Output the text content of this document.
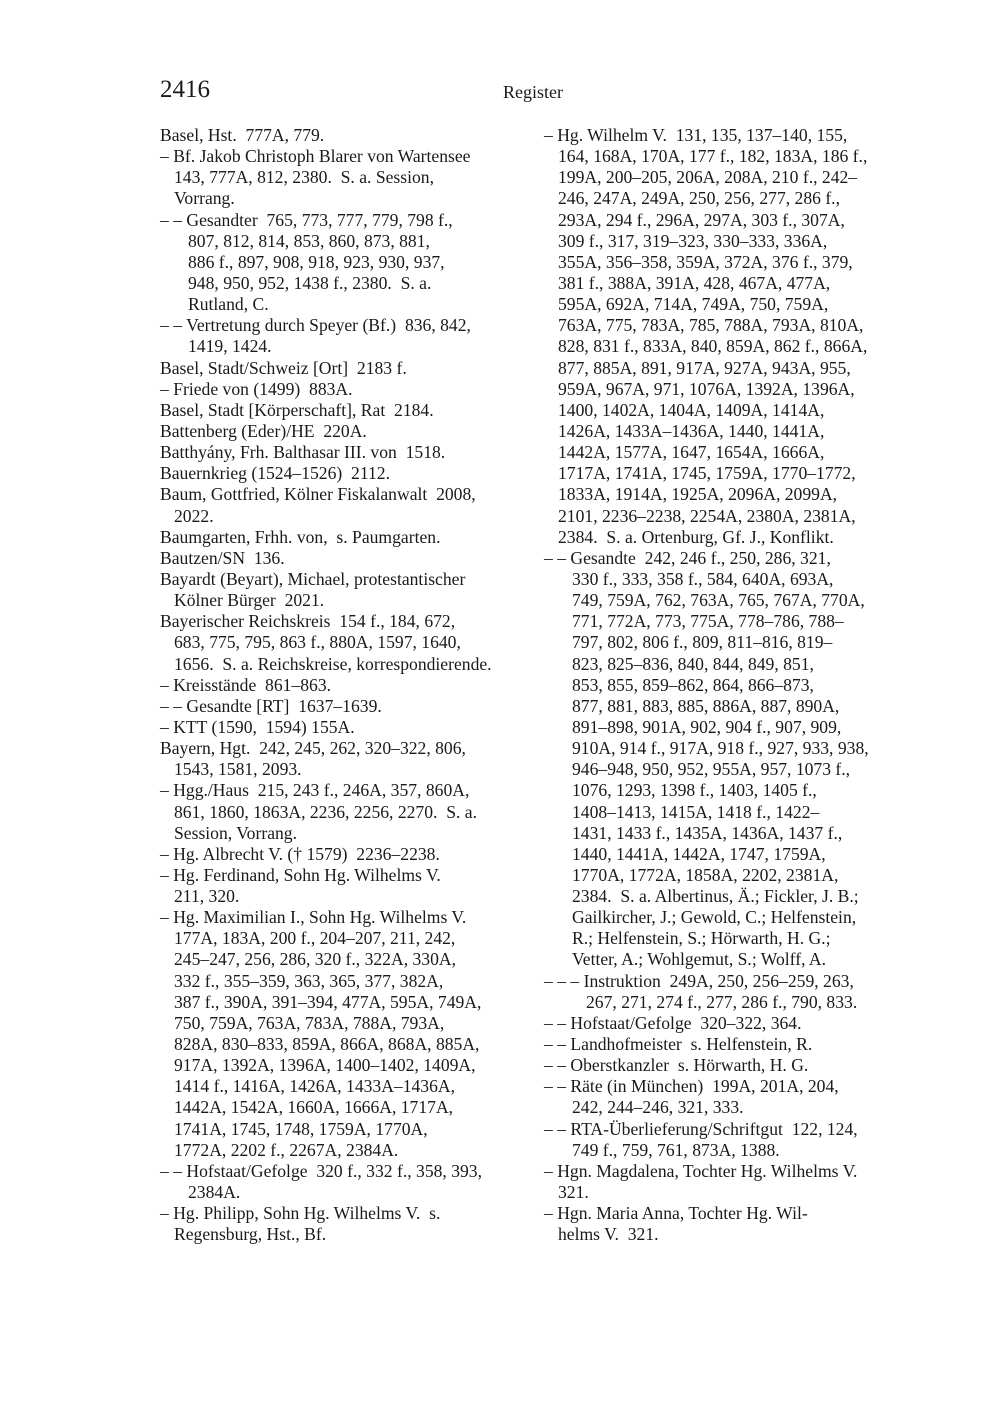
2416	Register
Basel, Hst.  777A, 779.
– Bf. Jakob Christoph Blarer von Wartensee
143, 777A, 812, 2380.  S. a. Session,
Vorrang.
– – Gesandter  765, 773, 777, 779, 798 f.,
807, 812, 814, 853, 860, 873, 881,
886 f., 897, 908, 918, 923, 930, 937,
948, 950, 952, 1438 f., 2380.  S. a.
Rutland, C.
– – Vertretung durch Speyer (Bf.)  836, 842,
1419, 1424.
Basel, Stadt/Schweiz [Ort]  2183 f.
– Friede von (1499)  883A.
Basel, Stadt [Körperschaft], Rat  2184.
Battenberg (Eder)/HE  220A.
Batthyány, Frh. Balthasar III. von  1518.
Bauernkrieg (1524–1526)  2112.
Baum, Gottfried, Kölner Fiskalanwalt  2008,
2022.
Baumgarten, Frhh. von,  s. Paumgarten.
Bautzen/SN  136.
Bayardt (Beyart), Michael, protestantischer
Kölner Bürger  2021.
Bayerischer Reichskreis  154 f., 184, 672,
683, 775, 795, 863 f., 880A, 1597, 1640,
1656.  S. a. Reichskreise, korrespondierende.
– Kreisstände  861–863.
– – Gesandte [RT]  1637–1639.
– KTT (1590,  1594) 155A.
Bayern, Hgt.  242, 245, 262, 320–322, 806,
1543, 1581, 2093.
– Hgg./Haus  215, 243 f., 246A, 357, 860A,
861, 1860, 1863A, 2236, 2256, 2270.  S. a.
Session, Vorrang.
– Hg. Albrecht V. († 1579)  2236–2238.
– Hg. Ferdinand, Sohn Hg. Wilhelms V.
211, 320.
– Hg. Maximilian I., Sohn Hg. Wilhelms V.
177A, 183A, 200 f., 204–207, 211, 242,
245–247, 256, 286, 320 f., 322A, 330A,
332 f., 355–359, 363, 365, 377, 382A,
387 f., 390A, 391–394, 477A, 595A, 749A,
750, 759A, 763A, 783A, 788A, 793A,
828A, 830–833, 859A, 866A, 868A, 885A,
917A, 1392A, 1396A, 1400–1402, 1409A,
1414 f., 1416A, 1426A, 1433A–1436A,
1442A, 1542A, 1660A, 1666A, 1717A,
1741A, 1745, 1748, 1759A, 1770A,
1772A, 2202 f., 2267A, 2384A.
– – Hofstaat/Gefolge  320 f., 332 f., 358, 393,
2384A.
– Hg. Philipp, Sohn Hg. Wilhelms V.  s.
Regensburg, Hst., Bf.
– Hg. Wilhelm V.  131, 135, 137–140, 155,
164, 168A, 170A, 177 f., 182, 183A, 186 f.,
199A, 200–205, 206A, 208A, 210 f., 242–
246, 247A, 249A, 250, 256, 277, 286 f.,
293A, 294 f., 296A, 297A, 303 f., 307A,
309 f., 317, 319–323, 330–333, 336A,
355A, 356–358, 359A, 372A, 376 f., 379,
381 f., 388A, 391A, 428, 467A, 477A,
595A, 692A, 714A, 749A, 750, 759A,
763A, 775, 783A, 785, 788A, 793A, 810A,
828, 831 f., 833A, 840, 859A, 862 f., 866A,
877, 885A, 891, 917A, 927A, 943A, 955,
959A, 967A, 971, 1076A, 1392A, 1396A,
1400, 1402A, 1404A, 1409A, 1414A,
1426A, 1433A–1436A, 1440, 1441A,
1442A, 1577A, 1647, 1654A, 1666A,
1717A, 1741A, 1745, 1759A, 1770–1772,
1833A, 1914A, 1925A, 2096A, 2099A,
2101, 2236–2238, 2254A, 2380A, 2381A,
2384.  S. a. Ortenburg, Gf. J., Konflikt.
– – Gesandte  242, 246 f., 250, 286, 321,
330 f., 333, 358 f., 584, 640A, 693A,
749, 759A, 762, 763A, 765, 767A, 770A,
771, 772A, 773, 775A, 778–786, 788–
797, 802, 806 f., 809, 811–816, 819–
823, 825–836, 840, 844, 849, 851,
853, 855, 859–862, 864, 866–873,
877, 881, 883, 885, 886A, 887, 890A,
891–898, 901A, 902, 904 f., 907, 909,
910A, 914 f., 917A, 918 f., 927, 933, 938,
946–948, 950, 952, 955A, 957, 1073 f.,
1076, 1293, 1398 f., 1403, 1405 f.,
1408–1413, 1415A, 1418 f., 1422–
1431, 1433 f., 1435A, 1436A, 1437 f.,
1440, 1441A, 1442A, 1747, 1759A,
1770A, 1772A, 1858A, 2202, 2381A,
2384.  S. a. Albertinus, Ä.; Fickler, J. B.;
Gailkircher, J.; Gewold, C.; Helfenstein,
R.; Helfenstein, S.; Hörwarth, H. G.;
Vetter, A.; Wohlgemut, S.; Wolff, A.
– – – Instruktion  249A, 250, 256–259, 263,
267, 271, 274 f., 277, 286 f., 790, 833.
– – Hofstaat/Gefolge  320–322, 364.
– – Landhofmeister  s. Helfenstein, R.
– – Oberstkanzler  s. Hörwarth, H. G.
– – Räte (in München)  199A, 201A, 204,
242, 244–246, 321, 333.
– – RTA-Überlieferung/Schriftgut  122, 124,
749 f., 759, 761, 873A, 1388.
– Hgn. Magdalena, Tochter Hg. Wilhelms V.
321.
– Hgn. Maria Anna, Tochter Hg. Wil-
helms V.  321.
